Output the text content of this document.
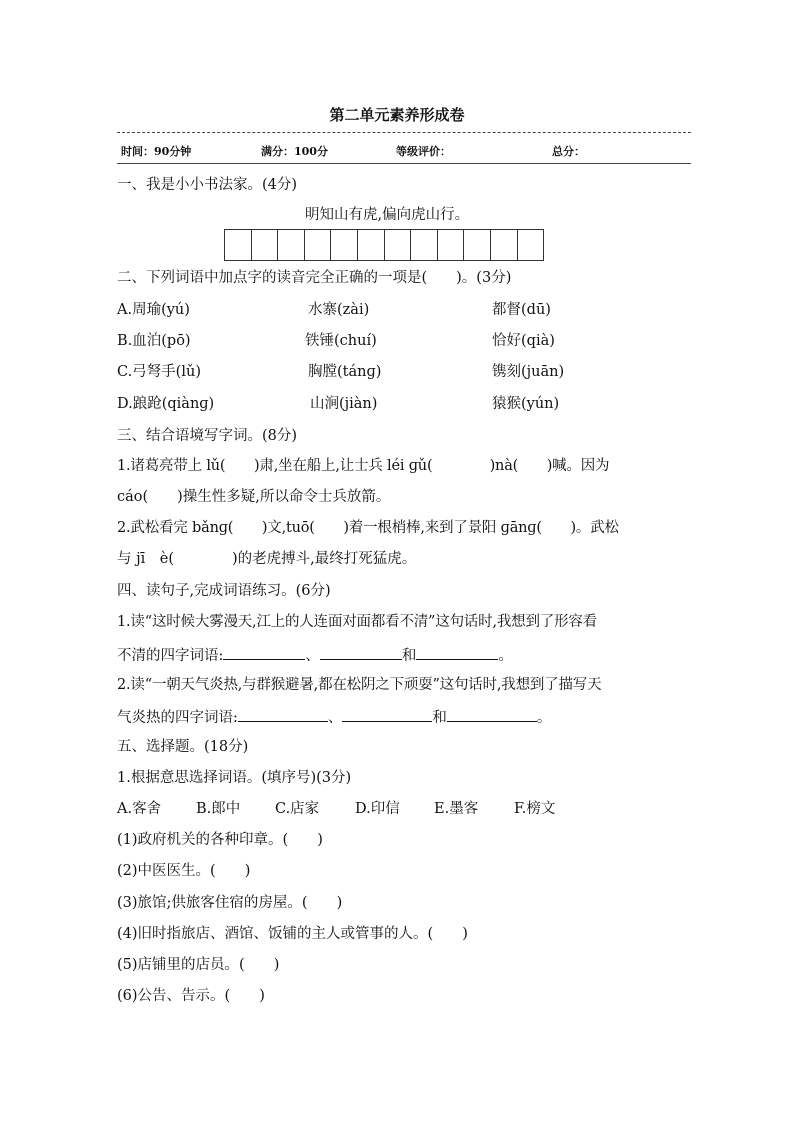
第二单元素养形成卷
时间：90分钟	满分：100分	等级评价：	总分：
一、我是小小书法家。(4分)
明知山有虎,偏向虎山行。
二、下列词语中加点字的读音完全正确的一项是(　　)。(3分)
A.周瑜(yú)	水寨(zài)	都督(dū)
B.血泊(pō)	铁锤(chuí)	恰好(qià)
C.弓弩手(lǔ)	胸膛(tánɡ)	镌刻(juān)
D.踉跄(qiànɡ)	山涧(jiàn)	猿猴(yún)
三、结合语境写字词。(8分)
1.诸葛亮带上 lǔ(　　)肃,坐在船上,让士兵 léi ɡǔ(　　　　)nà(　　)喊。因为
cáo(　　)操生性多疑,所以命令士兵放箭。
2.武松看完 bǎnɡ(　　)文,tuō(　　)着一根梢棒,来到了景阳 ɡānɡ(　　)。武松
与 jī　è(　　　　)的老虎搏斗,最终打死猛虎。
四、读句子,完成词语练习。(6分)
1.读“这时候大雾漫天,江上的人连面对面都看不清”这句话时,我想到了形容看
不清的四字词语:	、	和	。
2.读“一朝天气炎热,与群猴避暑,都在松阴之下顽耍”这句话时,我想到了描写天
气炎热的四字词语:	、	和	。
五、选择题。(18分)
1.根据意思选择词语。(填序号)(3分)
A.客舍 B.郎中 C.店家 D.印信 E.墨客 F.榜文
(1)政府机关的各种印章。(　　)
(2)中医医生。(　　)
(3)旅馆;供旅客住宿的房屋。(　　)
(4)旧时指旅店、酒馆、饭铺的主人或管事的人。(　　)
(5)店铺里的店员。(　　)
(6)公告、告示。(　　)
